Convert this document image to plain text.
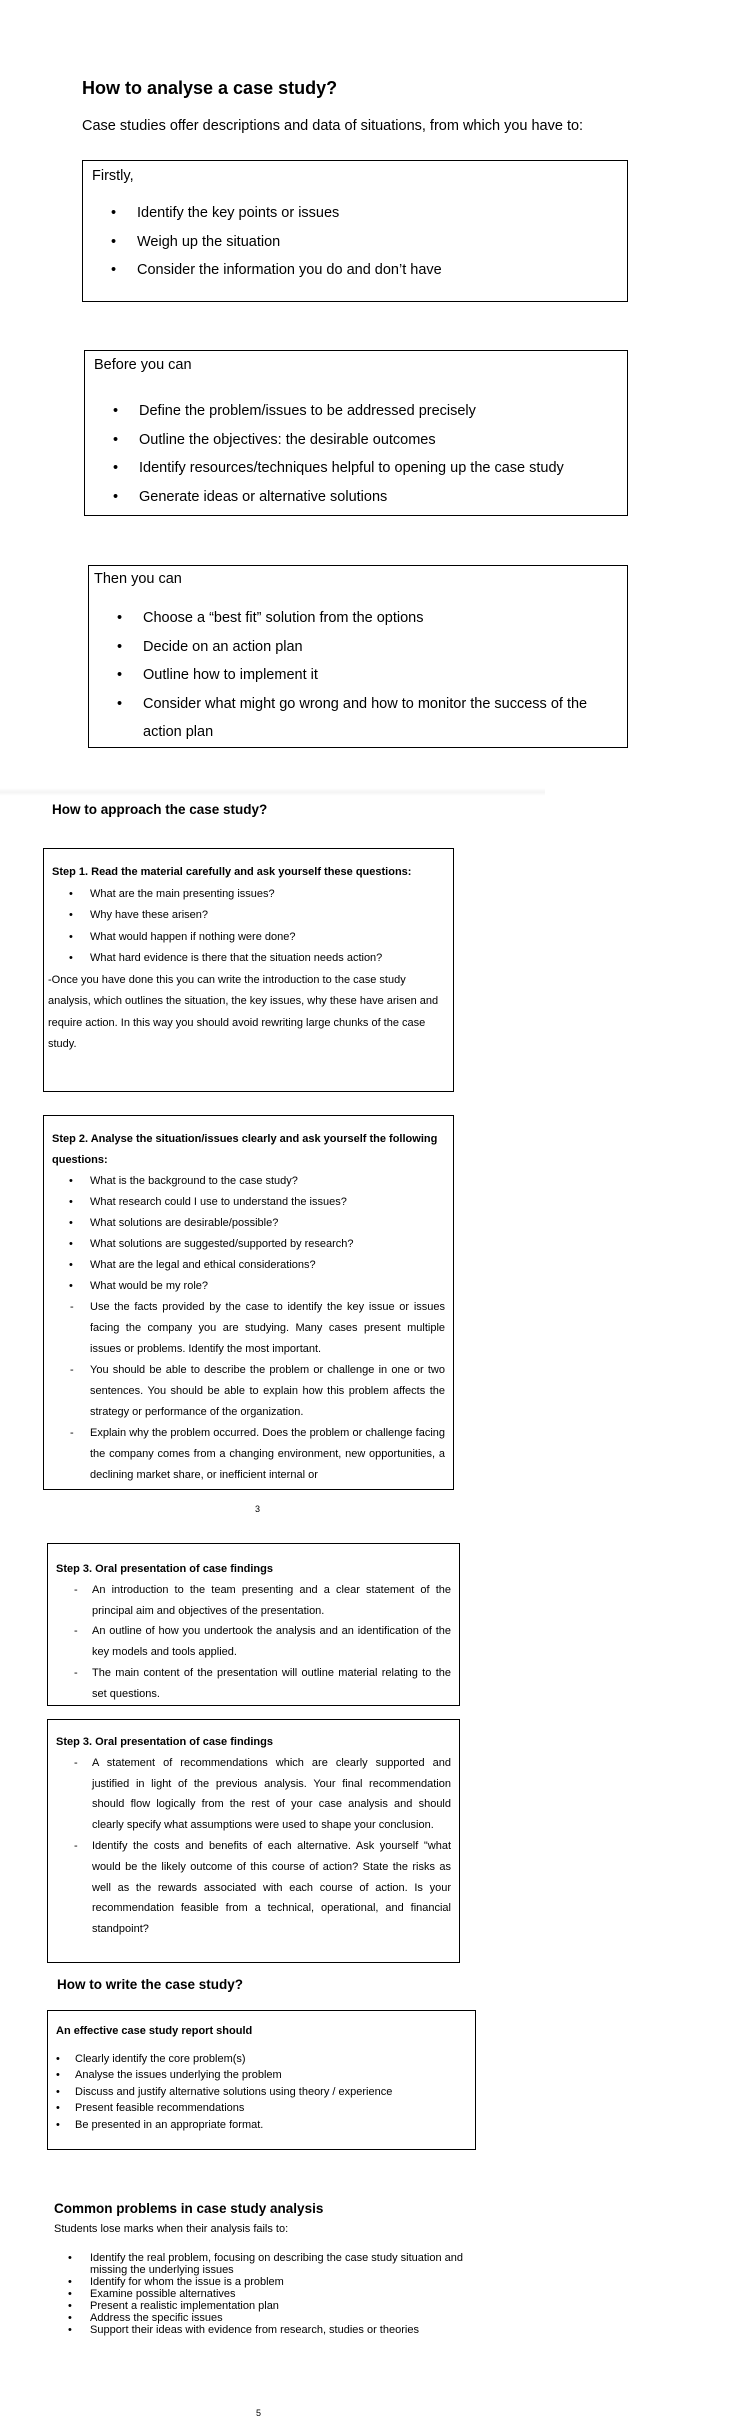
How to analyse a case study?
Case studies offer descriptions and data of situations, from which you have to:
Firstly,
• Identify the key points or issues
• Weigh up the situation
• Consider the information you do and don’t have
Before you can
• Define the problem/issues to be addressed precisely
• Outline the objectives: the desirable outcomes
• Identify resources/techniques helpful to opening up the case study
• Generate ideas or alternative solutions
Then you can
• Choose a “best fit” solution from the options
• Decide on an action plan
• Outline how to implement it
• Consider what might go wrong and how to monitor the success of the action plan
How to approach the case study?
Step 1. Read the material carefully and ask yourself these questions:
• What are the main presenting issues?
• Why have these arisen?
• What would happen if nothing were done?
• What hard evidence is there that the situation needs action?
-Once you have done this you can write the introduction to the case study analysis, which outlines the situation, the key issues, why these have arisen and require action. In this way you should avoid rewriting large chunks of the case study.
Step 2. Analyse the situation/issues clearly and ask yourself the following questions:
• What is the background to the case study?
• What research could I use to understand the issues?
• What solutions are desirable/possible?
• What solutions are suggested/supported by research?
• What are the legal and ethical considerations?
• What would be my role?
- Use the facts provided by the case to identify the key issue or issues facing the company you are studying. Many cases present multiple issues or problems. Identify the most important.
- You should be able to describe the problem or challenge in one or two sentences. You should be able to explain how this problem affects the strategy or performance of the organization.
- Explain why the problem occurred. Does the problem or challenge facing the company comes from a changing environment, new opportunities, a declining market share, or inefficient internal or
3
Step 3. Oral presentation of case findings
- An introduction to the team presenting and a clear statement of the principal aim and objectives of the presentation.
- An outline of how you undertook the analysis and an identification of the key models and tools applied.
- The main content of the presentation will outline material relating to the set questions.
Step 3. Oral presentation of case findings
- A statement of recommendations which are clearly supported and justified in light of the previous analysis. Your final recommendation should flow logically from the rest of your case analysis and should clearly specify what assumptions were used to shape your conclusion.
- Identify the costs and benefits of each alternative. Ask yourself "what would be the likely outcome of this course of action? State the risks as well as the rewards associated with each course of action. Is your recommendation feasible from a technical, operational, and financial standpoint?
How to write the case study?
An effective case study report should
• Clearly identify the core problem(s)
• Analyse the issues underlying the problem
• Discuss and justify alternative solutions using theory / experience
• Present feasible recommendations
• Be presented in an appropriate format.
Common problems in case study analysis
Students lose marks when their analysis fails to:
• Identify the real problem, focusing on describing the case study situation and missing the underlying issues
• Identify for whom the issue is a problem
• Examine possible alternatives
• Present a realistic implementation plan
• Address the specific issues
• Support their ideas with evidence from research, studies or theories
5
